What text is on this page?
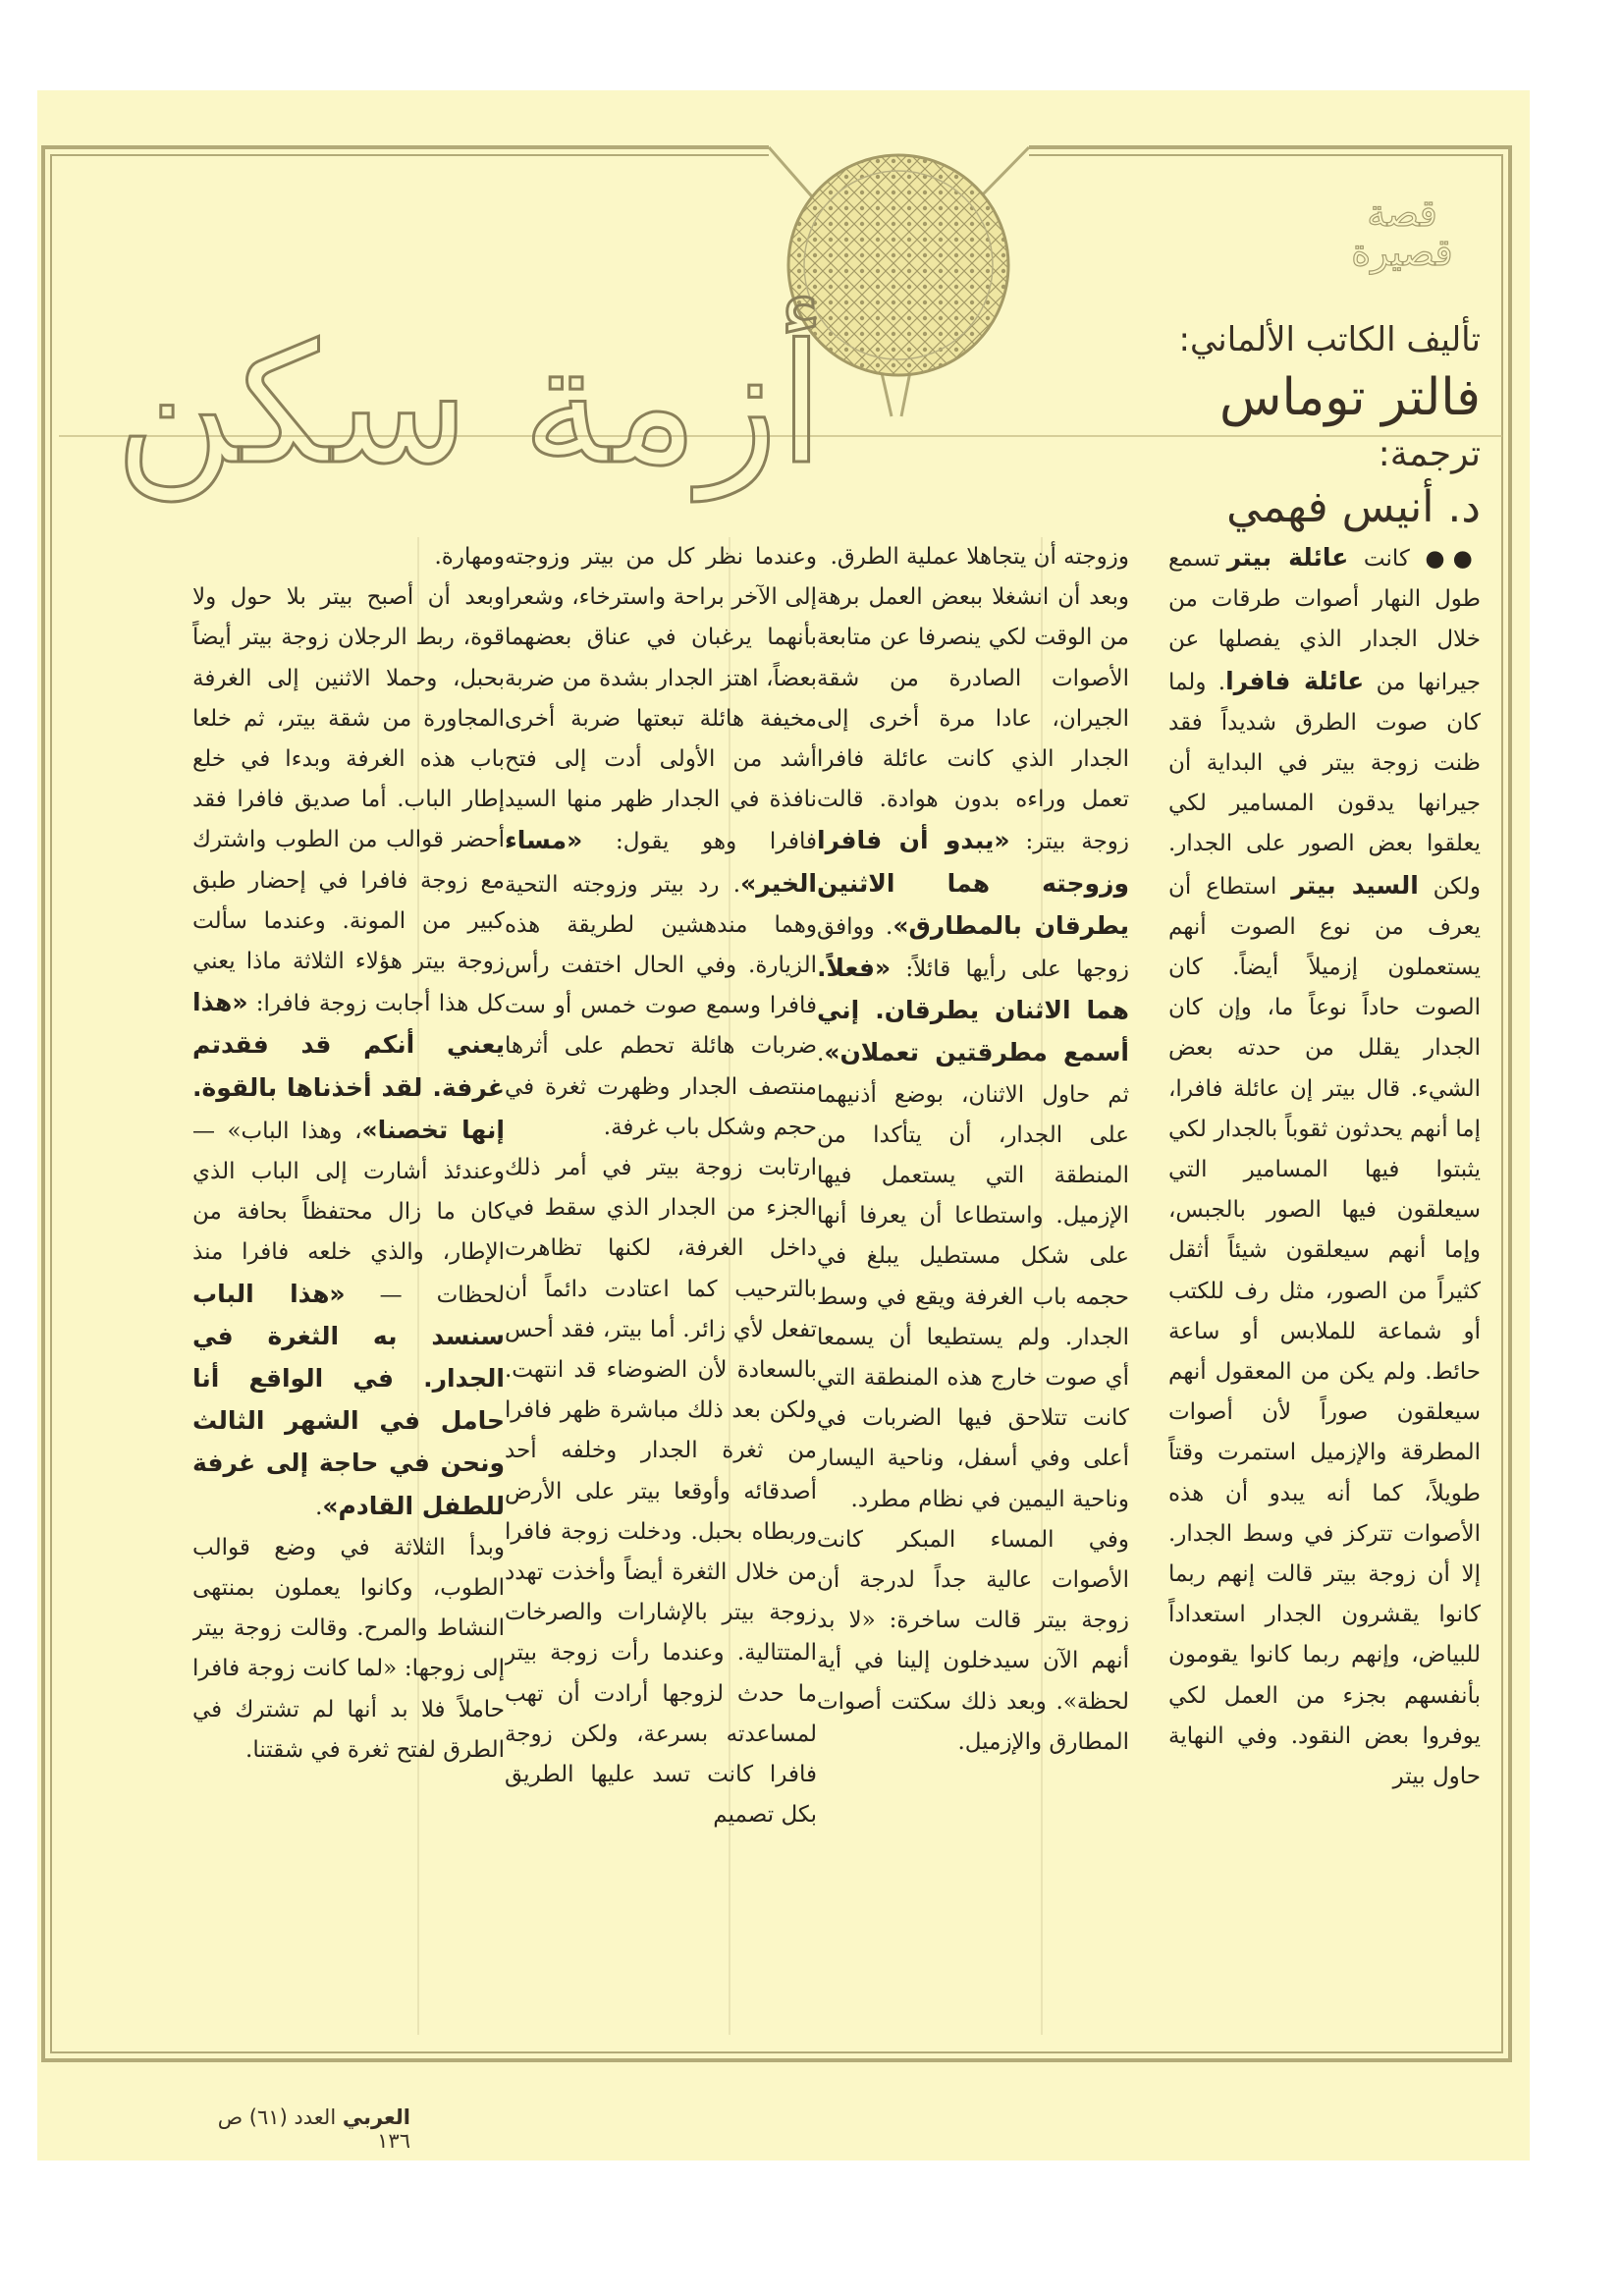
قصة قصيرة
أزمة سكن	تأليف الكاتب الألماني:
فالتر توماس
ترجمة:
د. أنيس فهمي

●● كانت عائلة بيتر تسمع طول النهار أصوات طرقات من خلال الجدار الذي يفصلها عن جيرانها من عائلة فافرا. ولما كان صوت الطرق شديداً فقد ظنت زوجة بيتر في البداية أن جيرانها يدقون المسامير لكي يعلقوا بعض الصور على الجدار. ولكن السيد بيتر استطاع أن يعرف من نوع الصوت أنهم يستعملون إزميلاً أيضاً. كان الصوت حاداً نوعاً ما، وإن كان الجدار يقلل من حدته بعض الشيء. قال بيتر إن عائلة فافرا، إما أنهم يحدثون ثقوباً بالجدار لكي يثبتوا فيها المسامير التي سيعلقون فيها الصور بالجبس، وإما أنهم سيعلقون شيئاً أثقل كثيراً من الصور، مثل رف للكتب أو شماعة للملابس أو ساعة حائط. ولم يكن من المعقول أنهم سيعلقون صوراً لأن أصوات المطرقة والإزميل استمرت وقتاً طويلاً، كما أنه يبدو أن هذه الأصوات تتركز في وسط الجدار. إلا أن زوجة بيتر قالت إنهم ربما كانوا يقشرون الجدار استعداداً للبياض، وإنهم ربما كانوا يقومون بأنفسهم بجزء من العمل لكي يوفروا بعض النقود. وفي النهاية حاول بيتر

وزوجته أن يتجاهلا عملية الطرق.

وبعد أن انشغلا ببعض العمل برهة من الوقت لكي ينصرفا عن متابعة الأصوات الصادرة من شقة الجيران، عادا مرة أخرى إلى الجدار الذي كانت عائلة فافرا تعمل وراءه بدون هوادة. قالت زوجة بيتر: «يبدو أن فافرا وزوجته هما الاثنين يطرقان بالمطارق». ووافق زوجها على رأيها قائلاً: «فعلاً. هما الاثنان يطرقان. إني أسمع مطرقتين تعملان». ثم حاول الاثنان، بوضع أذنيهما على الجدار، أن يتأكدا من المنطقة التي يستعمل فيها الإزميل. واستطاعا أن يعرفا أنها على شكل مستطيل يبلغ في حجمه باب الغرفة ويقع في وسط الجدار. ولم يستطيعا أن يسمعا أي صوت خارج هذه المنطقة التي كانت تتلاحق فيها الضربات في أعلى وفي أسفل، وناحية اليسار وناحية اليمين في نظام مطرد.

وفي المساء المبكر كانت الأصوات عالية جداً لدرجة أن زوجة بيتر قالت ساخرة: «لا بد أنهم الآن سيدخلون إلينا في أية لحظة». وبعد ذلك سكتت أصوات المطارق والإزميل.

وعندما نظر كل من بيتر وزوجته إلى الآخر براحة واسترخاء، وشعرا بأنهما يرغبان في عناق بعضهما بعضاً، اهتز الجدار بشدة من ضربة مخيفة هائلة تبعتها ضربة أخرى أشد من الأولى أدت إلى فتح نافذة في الجدار ظهر منها السيد فافرا وهو يقول: «مساء الخير». رد بيتر وزوجته التحية وهما مندهشين لطريقة هذه الزيارة. وفي الحال اختفت رأس فافرا وسمع صوت خمس أو ست ضربات هائلة تحطم على أثرها منتصف الجدار وظهرت ثغرة في حجم وشكل باب غرفة.

ارتابت زوجة بيتر في أمر ذلك الجزء من الجدار الذي سقط في داخل الغرفة، لكنها تظاهرت بالترحيب كما اعتادت دائماً أن تفعل لأي زائر. أما بيتر، فقد أحس بالسعادة لأن الضوضاء قد انتهت. ولكن بعد ذلك مباشرة ظهر فافرا من ثغرة الجدار وخلفه أحد أصدقائه وأوقعا بيتر على الأرض وربطاه بحبل. ودخلت زوجة فافرا من خلال الثغرة أيضاً وأخذت تهدد زوجة بيتر بالإشارات والصرخات المتتالية. وعندما رأت زوجة بيتر ما حدث لزوجها أرادت أن تهب لمساعدته بسرعة، ولكن زوجة فافرا كانت تسد عليها الطريق بكل تصميم

ومهارة.

وبعد أن أصبح بيتر بلا حول ولا قوة، ربط الرجلان زوجة بيتر أيضاً بحبل، وحملا الاثنين إلى الغرفة المجاورة من شقة بيتر، ثم خلعا باب هذه الغرفة وبدءا في خلع إطار الباب. أما صديق فافرا فقد أحضر قوالب من الطوب واشترك مع زوجة فافرا في إحضار طبق كبير من المونة. وعندما سألت زوجة بيتر هؤلاء الثلاثة ماذا يعني كل هذا أجابت زوجة فافرا: «هذا يعني أنكم قد فقدتم غرفة. لقد أخذناها بالقوة. إنها تخصنا»، وهذا الباب» — وعندئذ أشارت إلى الباب الذي كان ما زال محتفظاً بحافة من الإطار، والذي خلعه فافرا منذ لحظات — «هذا الباب سنسد به الثغرة في الجدار. في الواقع أنا حامل في الشهر الثالث ونحن في حاجة إلى غرفة للطفل القادم».

وبدأ الثلاثة في وضع قوالب الطوب، وكانوا يعملون بمنتهى النشاط والمرح. وقالت زوجة بيتر إلى زوجها: «لما كانت زوجة فافرا حاملاً فلا بد أنها لم تشترك في الطرق لفتح ثغرة في شقتنا.

العربي العدد (٦١) ص ١٣٦
